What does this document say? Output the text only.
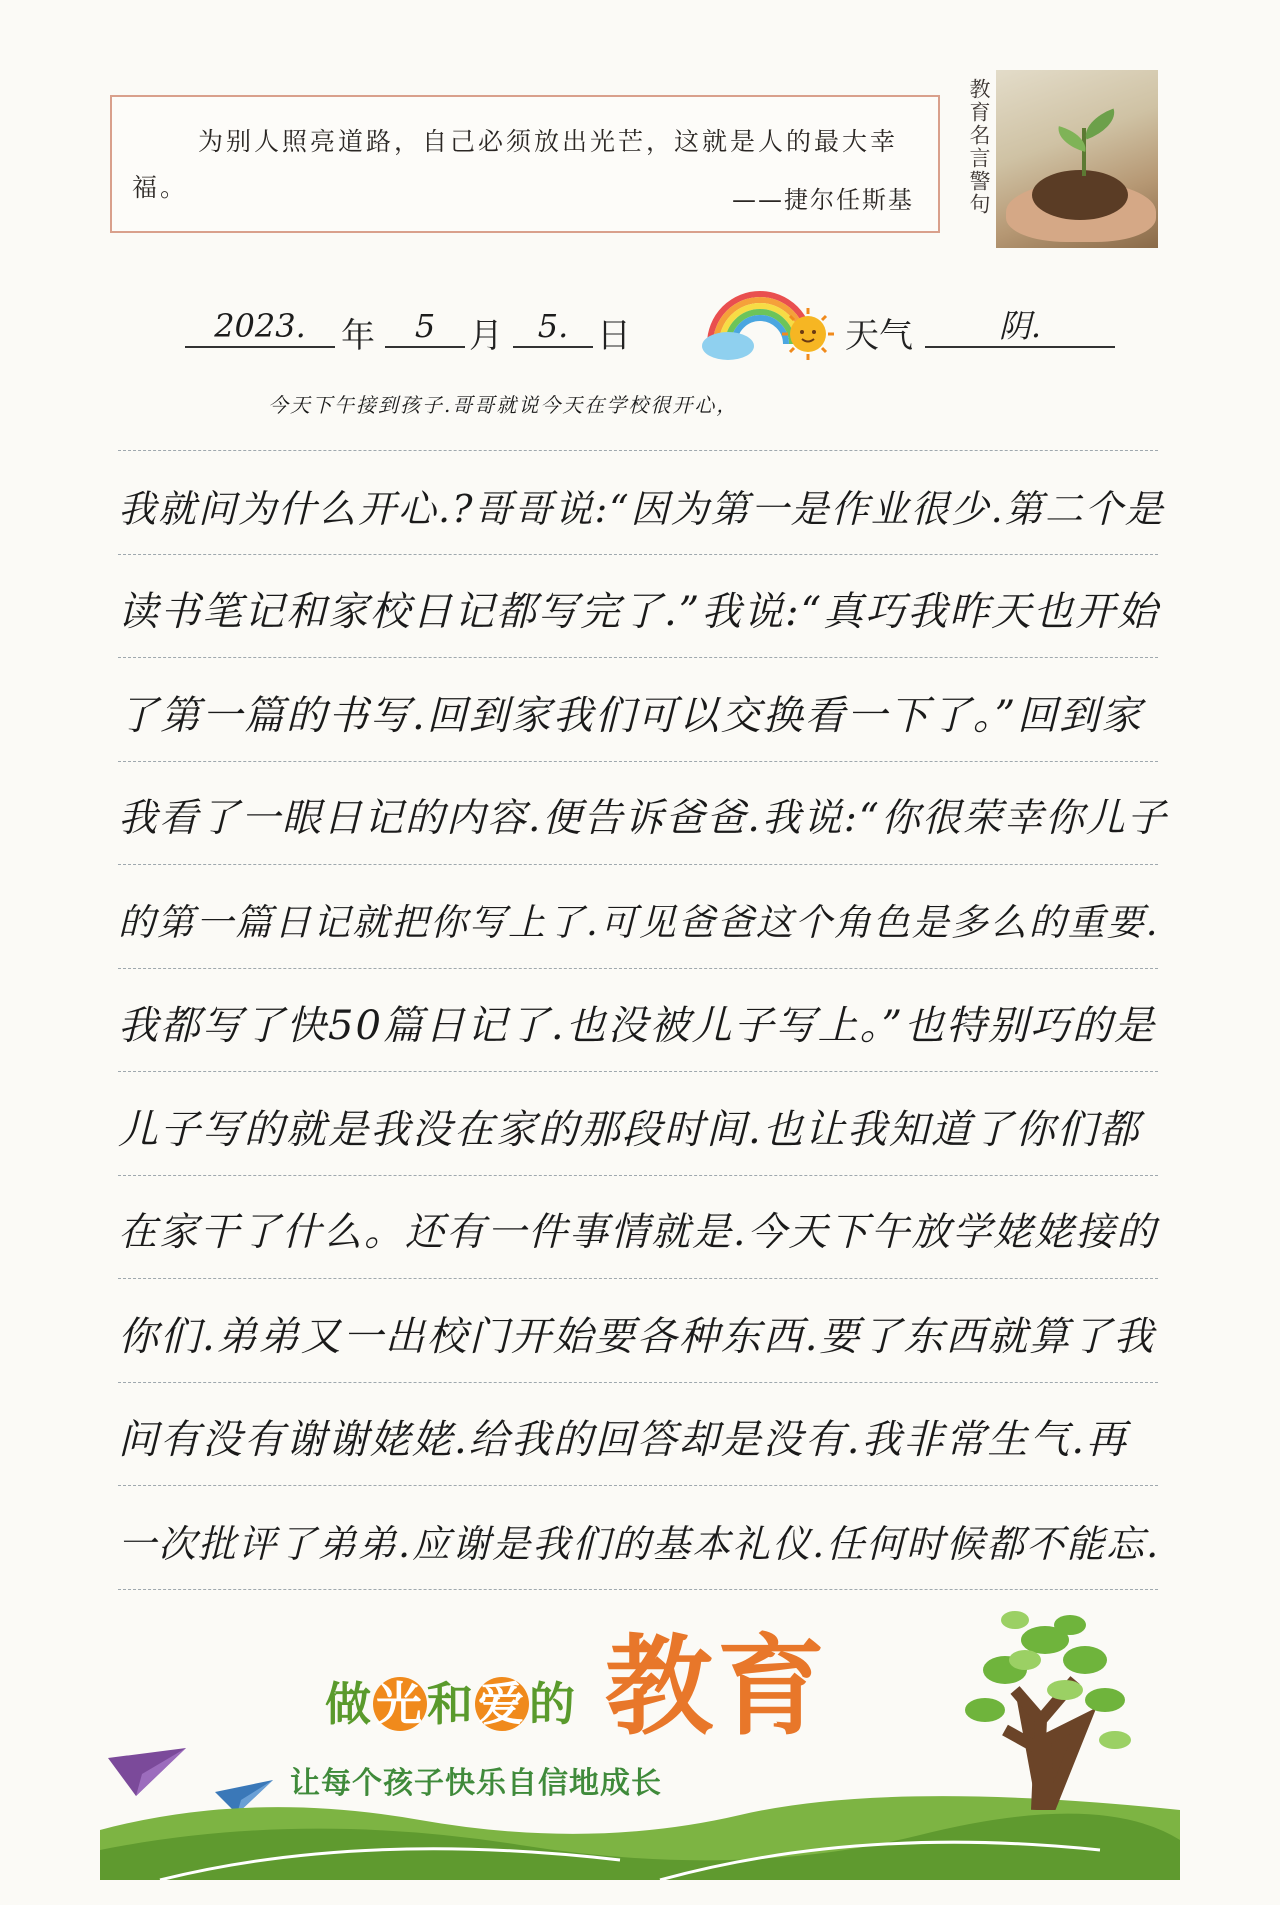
为别人照亮道路，自己必须放出光芒，这就是人的最大幸福。	——捷尔任斯基	教育名言警句
2023.	年	5 月	5. 日	天气	阴.
今天下午接到孩子.哥哥就说今天在学校很开心，
我就问为什么开心.?哥哥说:“因为第一是作业很少.第二个是
读书笔记和家校日记都写完了.”我说:“真巧我昨天也开始
了第一篇的书写.回到家我们可以交换看一下了。”回到家
我看了一眼日记的内容.便告诉爸爸.我说:“你很荣幸你儿子
的第一篇日记就把你写上了.可见爸爸这个角色是多么的重要.
我都写了快50篇日记了.也没被儿子写上。”也特别巧的是
儿子写的就是我没在家的那段时间.也让我知道了你们都
在家干了什么。还有一件事情就是.今天下午放学姥姥接的
你们.弟弟又一出校门开始要各种东西.要了东西就算了我
问有没有谢谢姥姥.给我的回答却是没有.我非常生气.再
一次批评了弟弟.应谢是我们的基本礼仪.任何时候都不能忘.
做光和爱的 教育
让每个孩子快乐自信地成长
